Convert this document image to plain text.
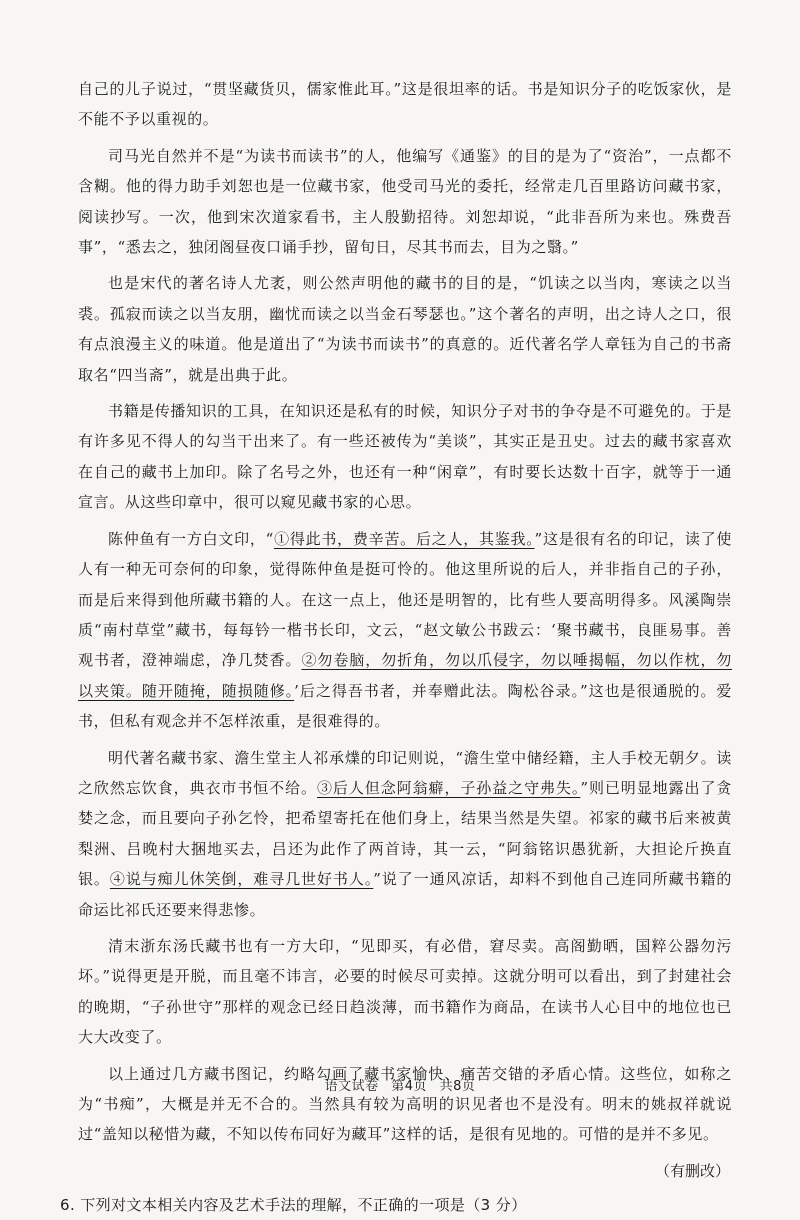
自己的儿子说过，“贯坚藏货贝，儒家惟此耳。”这是很坦率的话。书是知识分子的吃饭家伙，是不能不予以重视的。

司马光自然并不是“为读书而读书”的人，他编写《通鉴》的目的是为了“资治”，一点都不含糊。他的得力助手刘恕也是一位藏书家，他受司马光的委托，经常走几百里路访问藏书家，阅读抄写。一次，他到宋次道家看书，主人殷勤招待。刘恕却说，“此非吾所为来也。殊费吾事”，“悉去之，独闭阁昼夜口诵手抄，留旬日，尽其书而去，目为之翳。”

也是宋代的著名诗人尤袤，则公然声明他的藏书的目的是，“饥读之以当肉，寒读之以当裘。孤寂而读之以当友朋，幽忧而读之以当金石琴瑟也。”这个著名的声明，出之诗人之口，很有点浪漫主义的味道。他是道出了“为读书而读书”的真意的。近代著名学人章钰为自己的书斋取名“四当斋”，就是出典于此。

书籍是传播知识的工具，在知识还是私有的时候，知识分子对书的争夺是不可避免的。于是有许多见不得人的勾当干出来了。有一些还被传为“美谈”，其实正是丑史。过去的藏书家喜欢在自己的藏书上加印。除了名号之外，也还有一种“闲章”，有时要长达数十百字，就等于一通宣言。从这些印章中，很可以窥见藏书家的心思。

陈仲鱼有一方白文印，“①得此书，费辛苦。后之人，其鉴我。”这是很有名的印记，读了使人有一种无可奈何的印象，觉得陈仲鱼是挺可怜的。他这里所说的后人，并非指自己的子孙，而是后来得到他所藏书籍的人。在这一点上，他还是明智的，比有些人要高明得多。风溪陶崇质“南村草堂”藏书，每每钤一楷书长印，文云，“赵文敏公书跋云：‘聚书藏书，良匪易事。善观书者，澄神端虑，净几焚香。②勿卷脑，勿折角，勿以爪侵字，勿以唾揭幅，勿以作枕，勿以夹策。随开随掩，随损随修。’后之得吾书者，并奉赠此法。陶松谷录。”这也是很通脱的。爱书，但私有观念并不怎样浓重，是很难得的。

明代著名藏书家、澹生堂主人祁承㸁的印记则说，“澹生堂中储经籍，主人手校无朝夕。读之欣然忘饮食，典衣市书恒不给。③后人但念阿翁癖，子孙益之守弗失。”则已明显地露出了贪婪之念，而且要向子孙乞怜，把希望寄托在他们身上，结果当然是失望。祁家的藏书后来被黄梨洲、吕晚村大捆地买去，吕还为此作了两首诗，其一云，“阿翁铭识愚犹新，大担论斤换直银。④说与痴儿休笑倒，难寻几世好书人。”说了一通风凉话，却料不到他自己连同所藏书籍的命运比祁氏还要来得悲惨。

清末浙东汤氏藏书也有一方大印，“见即买，有必借，窘尽卖。高阁勤晒，国粹公器勿污坏。”说得更是开脱，而且毫不讳言，必要的时候尽可卖掉。这就分明可以看出，到了封建社会的晚期，“子孙世守”那样的观念已经日趋淡薄，而书籍作为商品，在读书人心目中的地位也已大大改变了。

以上通过几方藏书图记，约略勾画了藏书家愉快、痛苦交错的矛盾心情。这些位，如称之为“书痴”，大概是并无不合的。当然具有较为高明的识见者也不是没有。明末的姚叔祥就说过“盖知以秘惜为藏，不知以传布同好为藏耳”这样的话，是很有见地的。可惜的是并不多见。

（有删改）

6. 下列对文本相关内容及艺术手法的理解，不正确的一项是（3 分）

语文试卷 第4页 共8页
